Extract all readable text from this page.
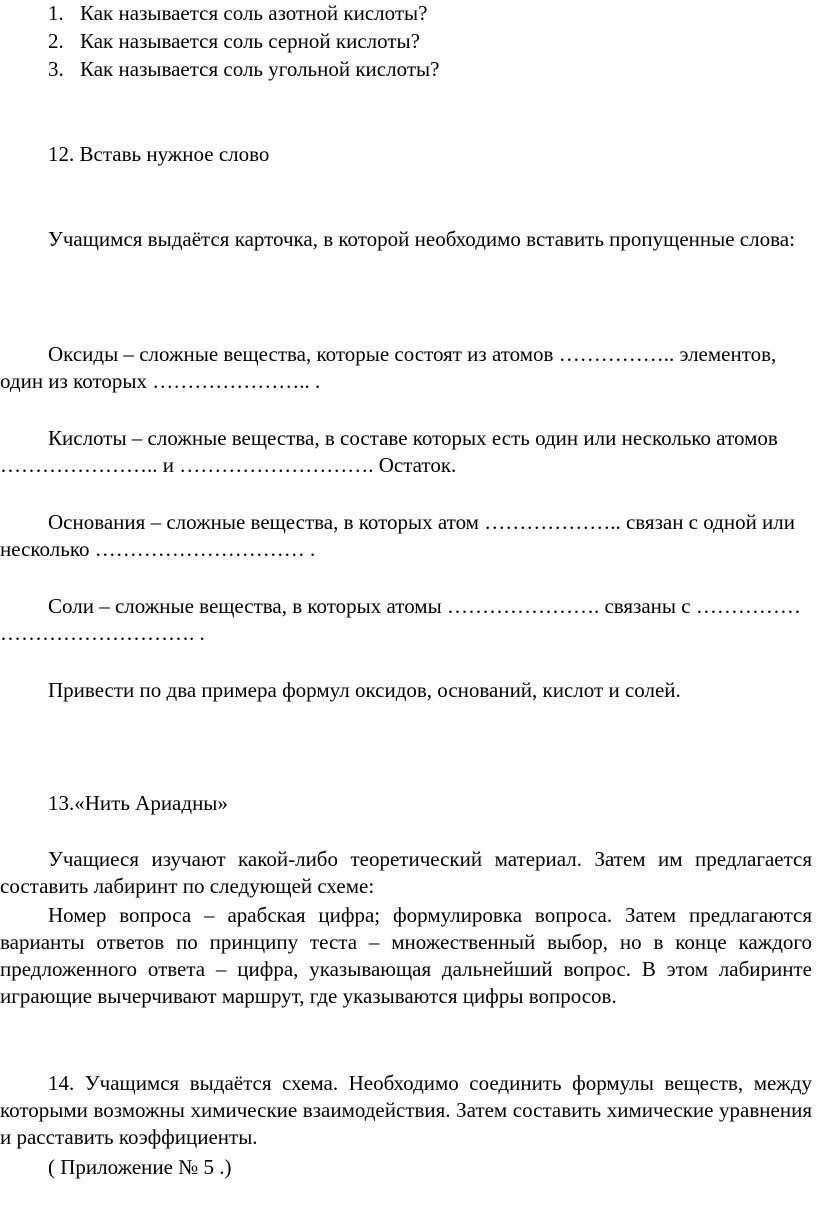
1. Как называется соль азотной кислоты?
2. Как называется соль серной кислоты?
3. Как называется соль угольной кислоты?

12. Вставь нужное слово

Учащимся выдаётся карточка, в которой необходимо вставить пропущенные слова:

Оксиды – сложные вещества, которые состоят из атомов …………….. элементов, один из которых ………………….. .

Кислоты – сложные вещества, в составе которых есть один или несколько атомов ………………….. и ………………………. Остаток.

Основания – сложные вещества, в которых атом ……………….. связан с одной или несколько ………………………… .

Соли – сложные вещества, в которых атомы …………………. связаны с …………… ………………………. .

Привести по два примера формул оксидов, оснований, кислот и солей.

13.«Нить Ариадны»

Учащиеся изучают какой-либо теоретический материал. Затем им предлагается составить лабиринт по следующей схеме:

Номер вопроса – арабская цифра; формулировка вопроса. Затем предлагаются варианты ответов по принципу теста – множественный выбор, но в конце каждого предложенного ответа – цифра, указывающая дальнейший вопрос. В этом лабиринте играющие вычерчивают маршрут, где указываются цифры вопросов.

14. Учащимся выдаётся схема. Необходимо соединить формулы веществ, между которыми возможны химические взаимодействия. Затем составить химические уравнения и расставить коэффициенты.

( Приложение № 5 .)
